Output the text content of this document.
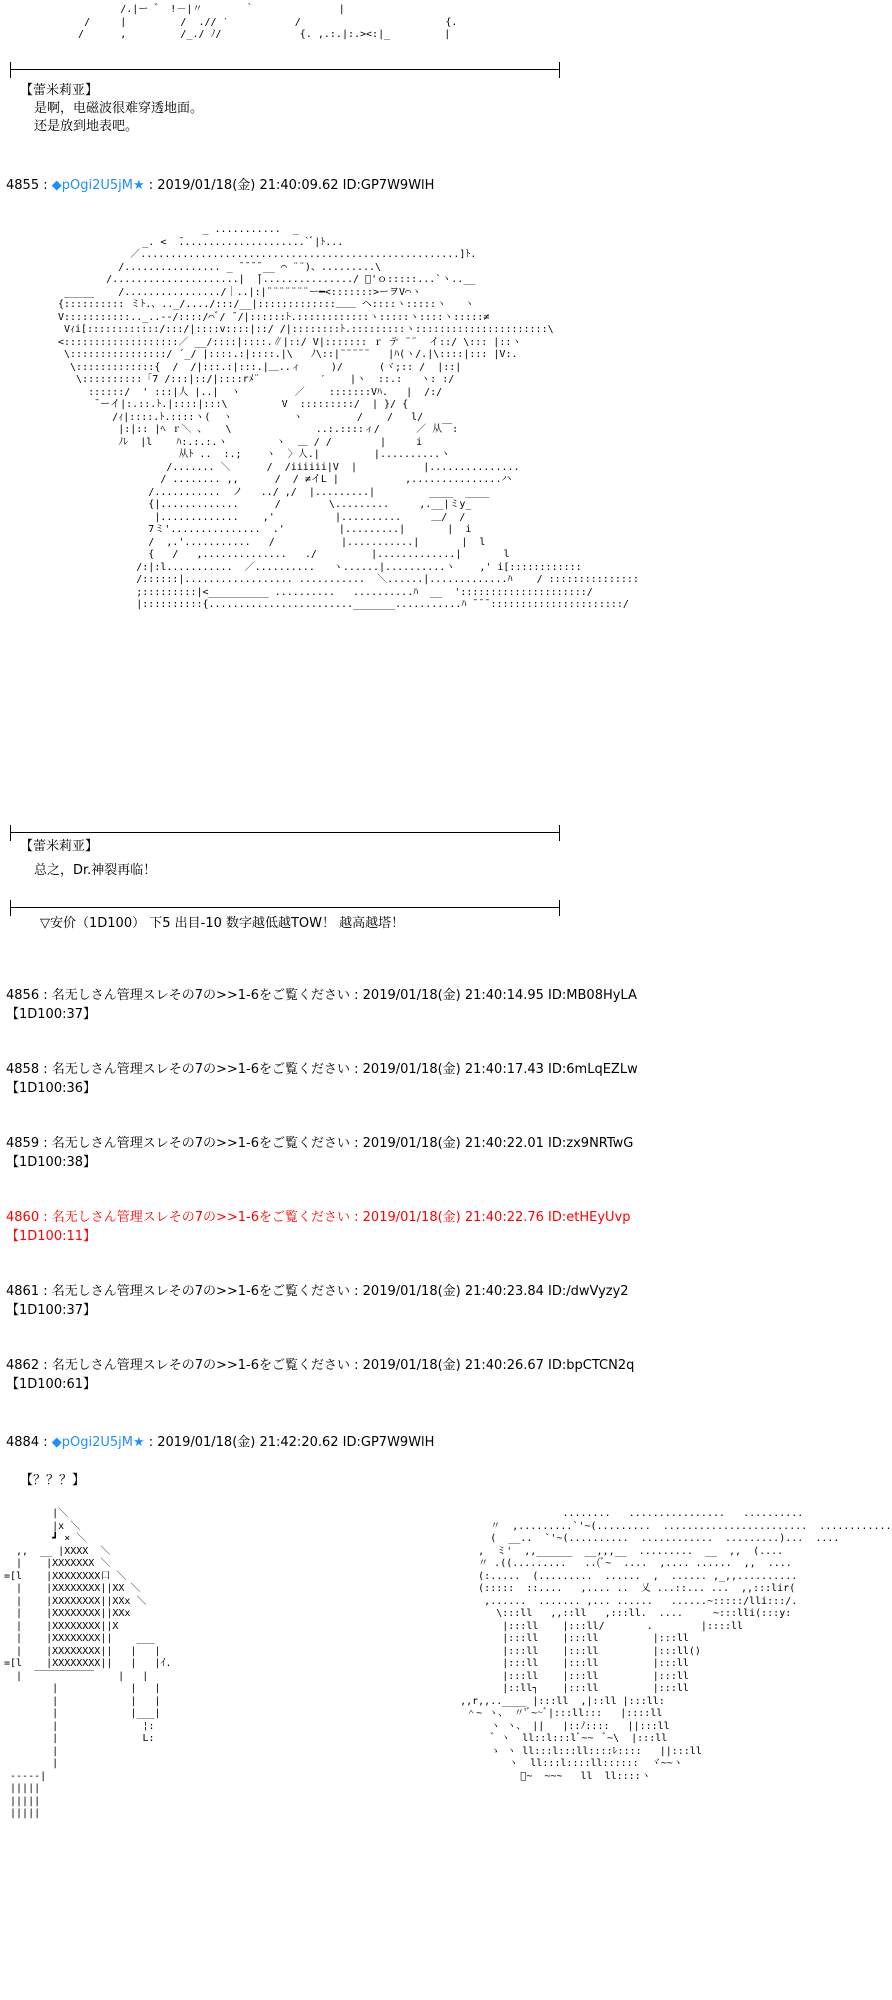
/.|ー ゛ !－|〃       ｀              |
/     |         /  .// ′           /                        {.
/      ,         /_./ ﾉ/             {. ,.:.|:.><:|_         |
【蕾米莉亚】
是啊，电磁波很难穿透地面。
还是放到地表吧。
4855 : ◆pOgi2U5jM★ : 2019/01/18(金) 21:40:09.62 ID:GP7W9WlH
_ ...........  _
_. <  ̄.....................`ﾞ|ﾄ...
／.....................................................]ﾄ.
/................ _ ̄ ̄ ̄ ̄ __ ⌒ ¨¨)、.........\
/.....................|  ̄|.............../ ﾞ'ｏ:::::...`ヽ..__
_____    /................/｜..|:|¨¨¨¨¨¨¨ー━<:::::::>ーヲV⌒ヽ
{:::::::::: ミﾄ.、.._/..../:::/__|:::::::::::::＿＿ ヘ::::ヽ:::::ヽ   ヽ
V:::::::::::.._..--/::::/⌒ﾞ/ ̄ /|::::::ﾄ.::::::::::::ヽ:::::ヽ::::ヽ:::::≠
Vｨi[::::::::::::/:::/|::::v::::|::/ /|::::::::ﾄ.:::::::::ヽ::::::::::::::::::::::\
<:::::::::::::::::::／ __/::::|::::.∥|::/ V|::::::: ｒ テ ¨¨  イ::/ \::: |::ヽ
\::::::::::::::::/ ´_/ |::::.:|::::.|\   ﾉ\::|¨¨¨¨¨   |ﾊ(ヽ/.|\::::|::: |V:.
\:::::::::::::{  /  /|:::.:|:::.|＿..ィ     )/      (ヾ;:: /  |::|
\::::::::::「7 /:::|::/|::::rﾒ¨          ′    |ヽ  ::.:   ヽ: :/
::::::/  ' :::|人 |..|  ヽ         ／    :::::::Vﾊ.   |  /:/
̄ ーイ|:.::.ﾄ.|::::|:::\         V  :::::::::/  | }/ {
/ｨ|::::.ﾄ.::::ヽ(  ヽ          ヽ         /    /   l/
|:|:: |ﾍ ｒ＼ 、   \              ..:.::::ィ/      ／ 从￣:
ﾉﾚ  |l    ﾊ:.:.:.ヽ        ヽ  ＿ / /        |     i
从ﾄ ..  :.;    ヽ  〉人.|         |..........ヽ
/....... ＼      /  /iiiiii|V  |           |...............
/ ........ ,,      /  / ≠イL |           ,...............ハ
/...........  ノ   ../ ,/  |.........|         ____  ____
{|.............      /        \.........     ,.__|ミy_
|.............    ,'          |..........     ＿/  /
7ミ'...............  .'         |.........|       |  i
/  ,.'...........   /           |...........|       |  l
{   /   ,..............   ./         |.............|       l
/:|:l...........  ／..........   ヽ......|..........ヽ    ,' i[::::::::::::
/::::::|.................. ...........  ＼......|.............ﾊ    / :::::::::::::::
;:::::::::|<__________ ..........   ..........ﾊ  __  ':::::::::::::::::::::/
|::::::::::{........................_______...........ﾊ ̄ ̄ ̄ ::::::::::::::::::::::/
【蕾米莉亚】
总之，Dr.神裂再临！
▽安价（1D100） 下5 出目-10 数字越低越TOW！ 越高越塔！
4856 : 名无しさん管理スレその7の>>1-6をご覧ください : 2019/01/18(金) 21:40:14.95 ID:MB08HyLA
【1D100:37】
4858 : 名无しさん管理スレその7の>>1-6をご覧ください : 2019/01/18(金) 21:40:17.43 ID:6mLqEZLw
【1D100:36】
4859 : 名无しさん管理スレその7の>>1-6をご覧ください : 2019/01/18(金) 21:40:22.01 ID:zx9NRTwG
【1D100:38】
4860 : 名无しさん管理スレその7の>>1-6をご覧ください : 2019/01/18(金) 21:40:22.76 ID:etHEyUvp
【1D100:11】
4861 : 名无しさん管理スレその7の>>1-6をご覧ください : 2019/01/18(金) 21:40:23.84 ID:/dwVyzy2
【1D100:37】
4862 : 名无しさん管理スレその7の>>1-6をご覧ください : 2019/01/18(金) 21:40:26.67 ID:bpCTCN2q
【1D100:61】
4884 : ◆pOgi2U5jM★ : 2019/01/18(金) 21:42:20.62 ID:GP7W9WlH
【？？？】
|＼
|x ＼
┛ × ＼
,,  __ |XXXX  ＼
|    |XXXXXXX ＼
=[l    |XXXXXXXX口 ＼
|    |XXXXXXXX||XX ＼
|    |XXXXXXXX||XXx ＼
|    |XXXXXXXX||XXx
|    |XXXXXXXX||X
|    |XXXXXXXX||    ___
|    |XXXXXXXX||   |   |
=[l    |XXXXXXXX||   |   |ｲ.
|  ￣￣￣￣￣￣    |   |
|            |   |
|            |   |
|            |___|
|              ¦:
|              L:
|
|
-----|
|||||
|||||
|||||
........   ................   ..........
〃  ,.........`'~(.........  ........................  ............
(  __..  `'~(..........  ............  .........)...  ....
,  ミ'  ,,______  __,,,__  .........  __  ,,  (....
〃 .((.........   ..(ﾞ~  ....  ,.... ......  ,,  ....
(:.....  (.........  ......  ,  ...... ,_,,..........
(:::::  ::....   ,.... ..  乂 ...::... ...  ,,:::lir(
,......  ....... ,... ......   ......~:::::/lli:::/.
\:::ll   ,,::ll   ,:::ll.  ....     ~:::lli(:::y:
|:::ll    |:::ll/       .        |::::ll
|:::ll    |:::ll         |:::ll
|:::ll    |:::ll         |:::ll()
|:::ll    |:::ll         |:::ll
|:::ll    |:::ll         |:::ll
|::ll┐    |:::ll         |:::ll
,,r,,..____ |:::ll  ,|::ll |:::ll:
＾~ ヽ、 〃'ﾞ~~ﾞ|:::ll:::   |::::ll
ヽ ヽ、 ||   |::ﾉ::::   ||:::ll
゛ヽ  ll::l:::lﾞ~~  ﾞ~\  |:::ll
ゝ ヽ ll:::l:::ll::::ﾚ::::   ||:::ll
ヽ  ll:::l::::ll::::::  ヾ~~ヽ
ﾞ~  ~~~   ll  ll::::ヽ
